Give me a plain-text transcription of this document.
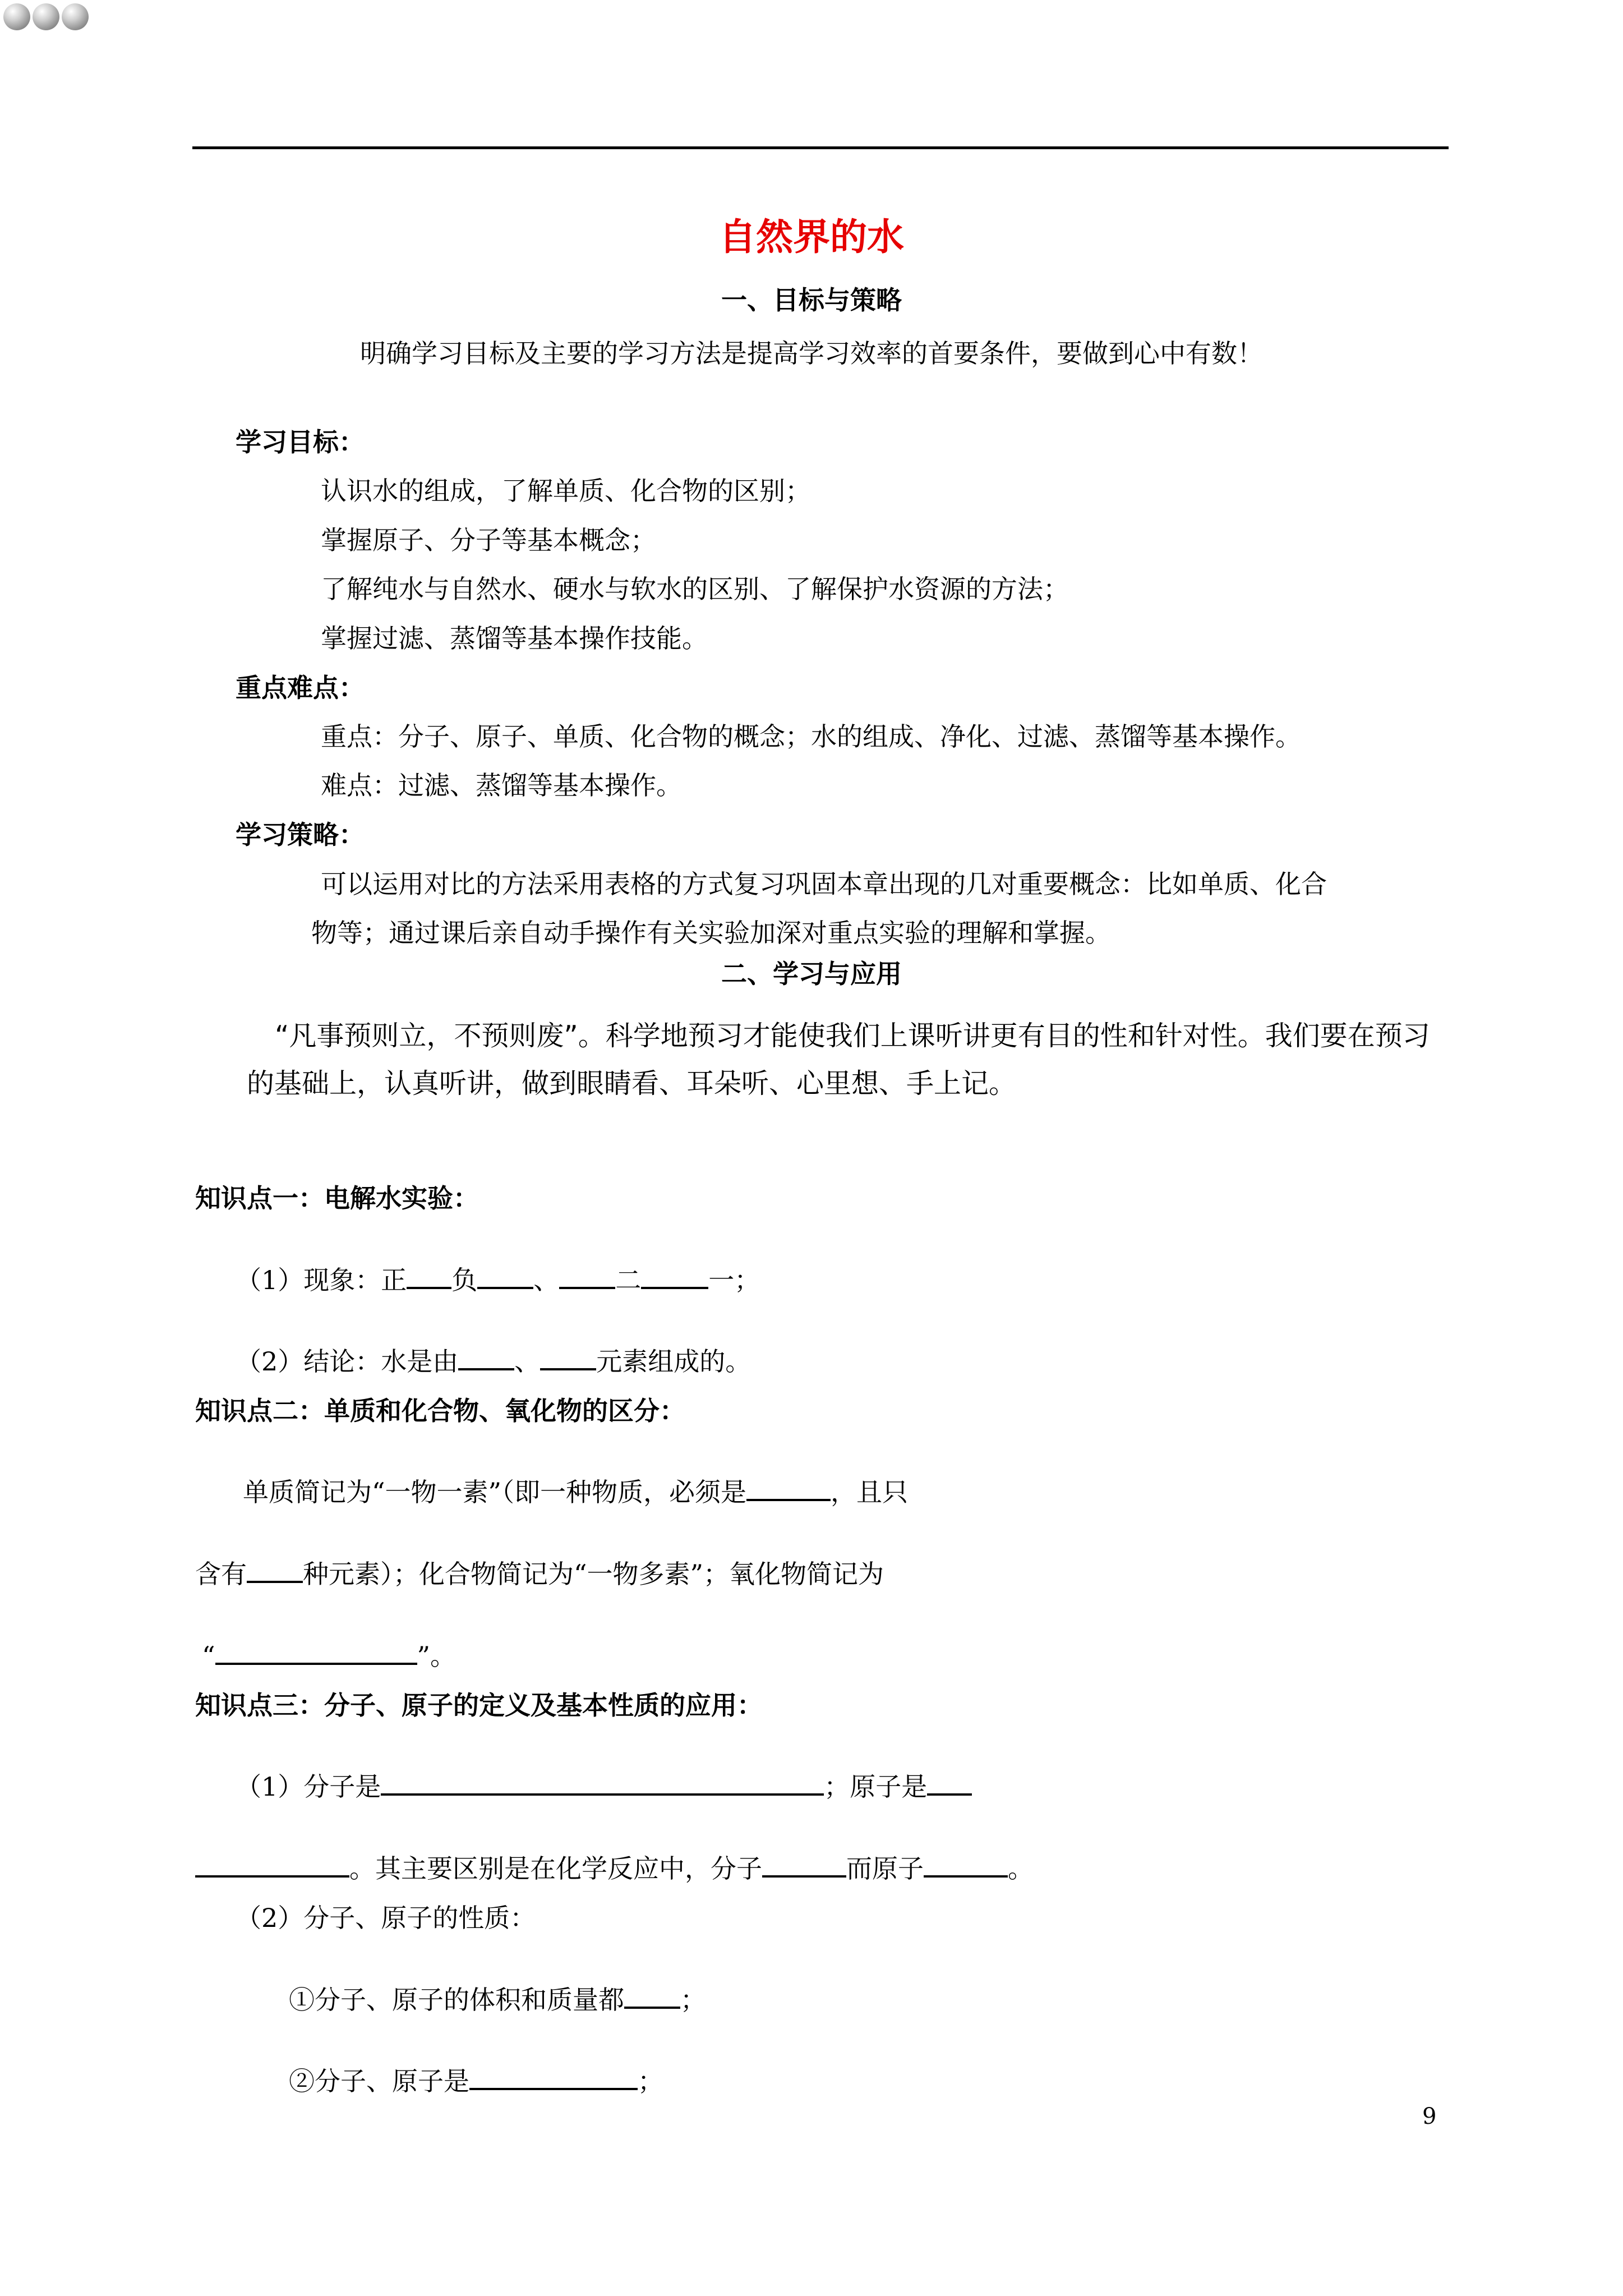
自然界的水
一、目标与策略
明确学习目标及主要的学习方法是提高学习效率的首要条件，要做到心中有数！
学习目标：
认识水的组成，了解单质、化合物的区别；
掌握原子、分子等基本概念；
了解纯水与自然水、硬水与软水的区别、了解保护水资源的方法；
掌握过滤、蒸馏等基本操作技能。
重点难点：
重点：分子、原子、单质、化合物的概念；水的组成、净化、过滤、蒸馏等基本操作。
难点：过滤、蒸馏等基本操作。
学习策略：
可以运用对比的方法采用表格的方式复习巩固本章出现的几对重要概念：比如单质、化合
物等；通过课后亲自动手操作有关实验加深对重点实验的理解和掌握。
二、学习与应用
“凡事预则立，不预则废”。科学地预习才能使我们上课听讲更有目的性和针对性。我们要在预习
的基础上，认真听讲，做到眼睛看、耳朵听、心里想、手上记。
知识点一：电解水实验：
（1）现象：正 负 、 二	一；
（2）结论：水是由 、 元素组成的。
知识点二：单质和化合物、氧化物的区分：
单质简记为“一物一素”（即一种物质，必须是	，且只
含有 种元素）；化合物简记为“一物多素”；氧化物简记为
“	”。
知识点三：分子、原子的定义及基本性质的应用：
（1）分子是	；原子是
。其主要区别是在化学反应中，分子	而原子	。
（2）分子、原子的性质：
①分子、原子的体积和质量都 ；
②分子、原子是	；
9
